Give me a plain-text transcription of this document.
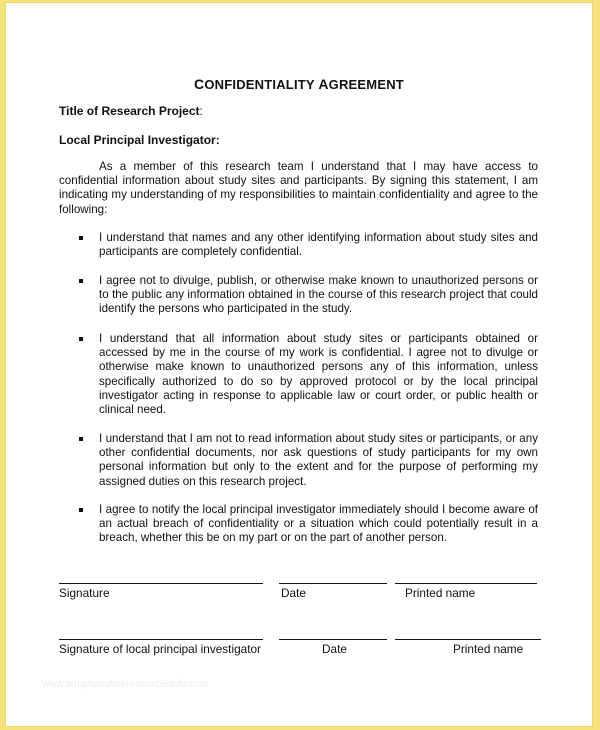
CONFIDENTIALITY AGREEMENT
Title of Research Project:
Local Principal Investigator:
As a member of this research team I understand that I may have access to confidential information about study sites and participants. By signing this statement, I am indicating my understanding of my responsibilities to maintain confidentiality and agree to the following:
I understand that names and any other identifying information about study sites and participants are completely confidential.
I agree not to divulge, publish, or otherwise make known to unauthorized persons or to the public any information obtained in the course of this research project that could identify the persons who participated in the study.
I understand that all information about study sites or participants obtained or accessed by me in the course of my work is confidential. I agree not to divulge or otherwise make known to unauthorized persons any of this information, unless specifically authorized to do so by approved protocol or by the local principal investigator acting in response to applicable law or court order, or public health or clinical need.
I understand that I am not to read information about study sites or participants, or any other confidential documents, nor ask questions of study participants for my own personal information but only to the extent and for the purpose of performing my assigned duties on this research project.
I agree to notify the local principal investigator immediately should I become aware of an actual breach of confidentiality or a situation which could potentially result in a breach, whether this be on my part or on the part of another person.
Signature	Date	Printed name
Signature of local principal investigator	Date	Printed name
www.templatesfreeresourcesinfo.com
